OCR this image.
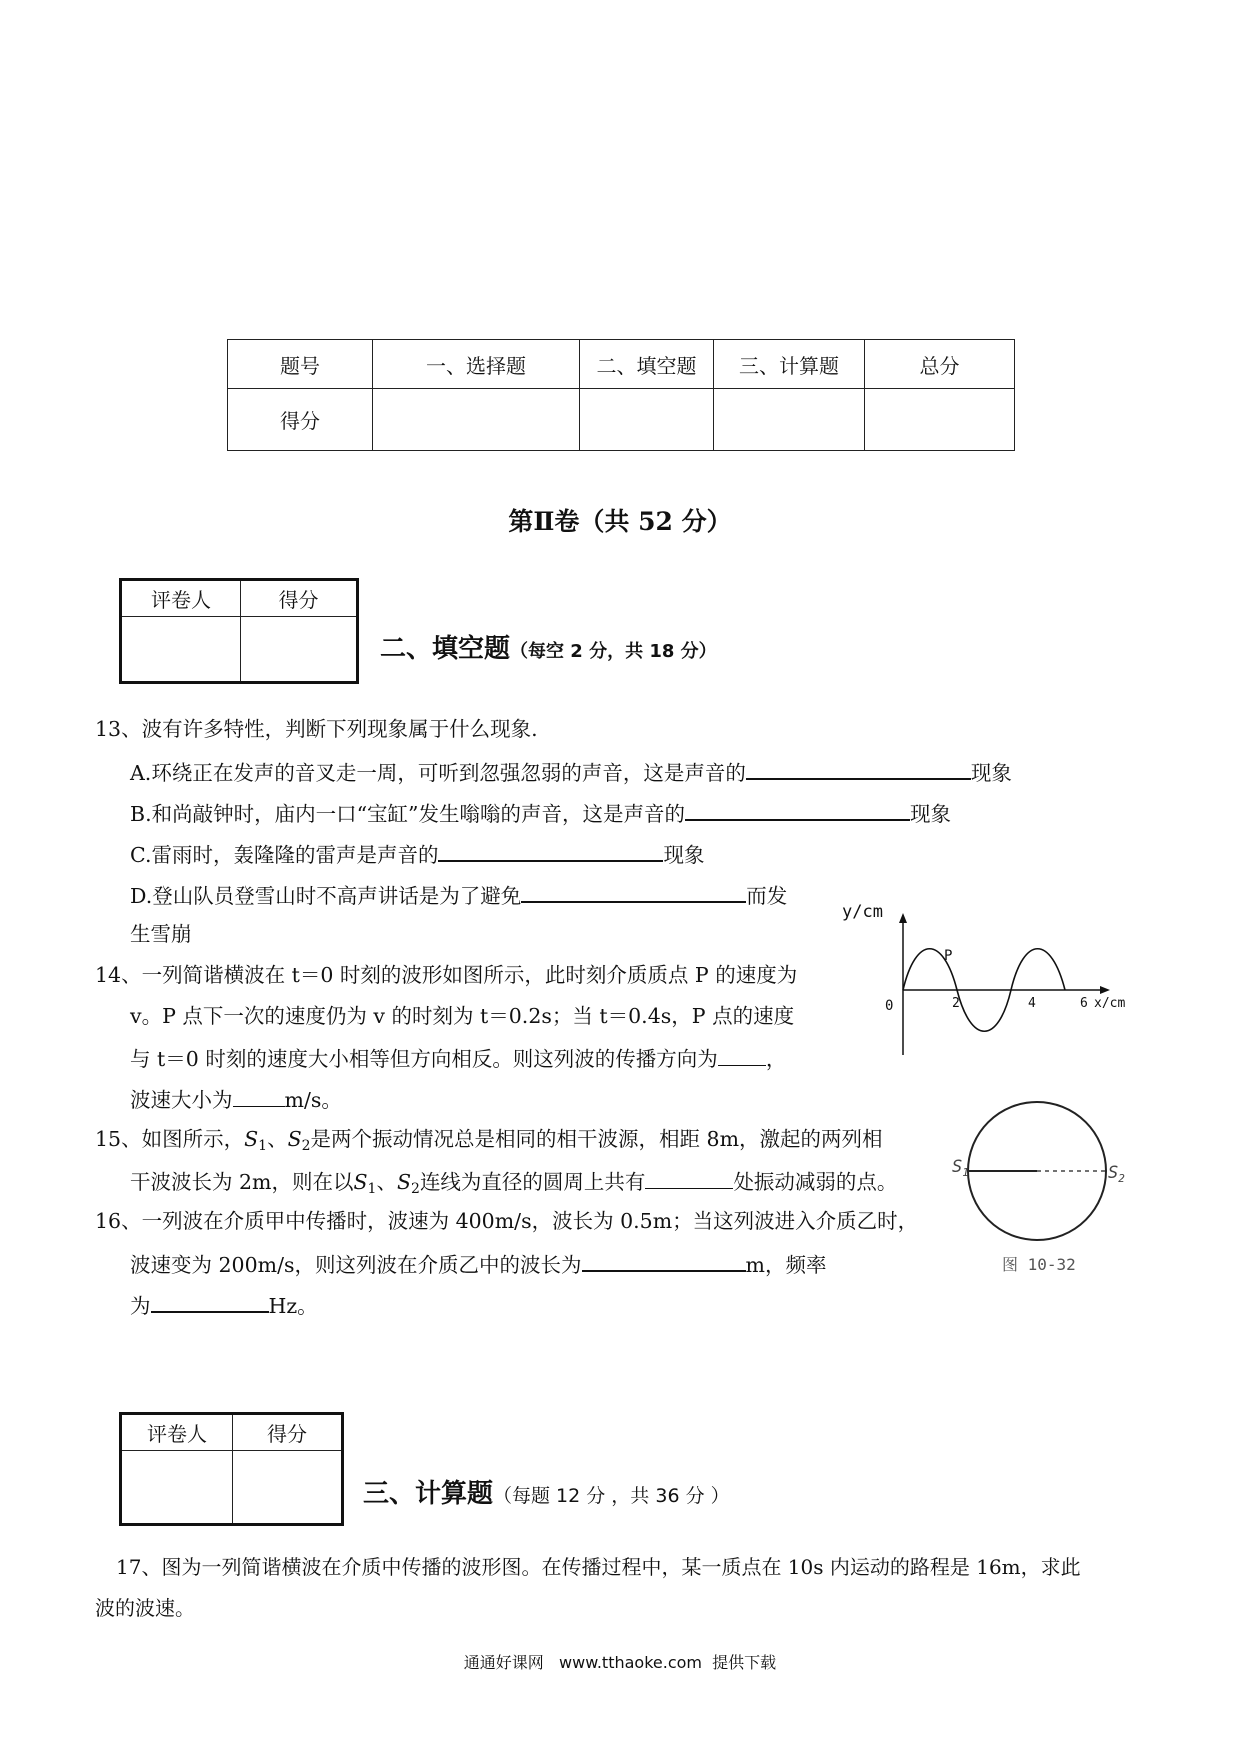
题号	一、选择题	二、填空题	三、计算题	总分
得分				
第Ⅱ卷（共 52 分）
评卷人	得分

二、填空题（每空 2 分，共 18 分）
13、波有许多特性，判断下列现象属于什么现象.
A.环绕正在发声的音叉走一周，可听到忽强忽弱的声音，这是声音的	现象
B.和尚敲钟时，庙内一口“宝缸”发生嗡嗡的声音，这是声音的	现象
C.雷雨时，轰隆隆的雷声是声音的	现象
D.登山队员登雪山时不高声讲话是为了避免	而发
生雪崩
y/cm
P
0	2	4	6 x/cm
14、一列简谐横波在 t＝0 时刻的波形如图所示，此时刻介质质点 P 的速度为
v。P 点下一次的速度仍为 v 的时刻为 t＝0.2s；当 t＝0.4s，P 点的速度
与 t＝0 时刻的速度大小相等但方向相反。则这列波的传播方向为 ，
波速大小为	m/s。
15、如图所示，$S_1$、$S_2$是两个振动情况总是相同的相干波源，相距 8m，激起的两列相
干波波长为 2m，则在以$S_1$、$S_2$连线为直径的圆周上共有	处振动减弱的点。
$S_1$	$S_2$
图 10-32
16、一列波在介质甲中传播时，波速为 400m/s，波长为 0.5m；当这列波进入介质乙时，
波速变为 200m/s，则这列波在介质乙中的波长为	m，频率
为	Hz。
评卷人	得分

三、计算题（每题 12 分 ，共 36 分 ）
17、图为一列简谐横波在介质中传播的波形图。在传播过程中，某一质点在 10s 内运动的路程是 16m，求此
波的波速。
通通好课网   www.tthaoke.com  提供下载
